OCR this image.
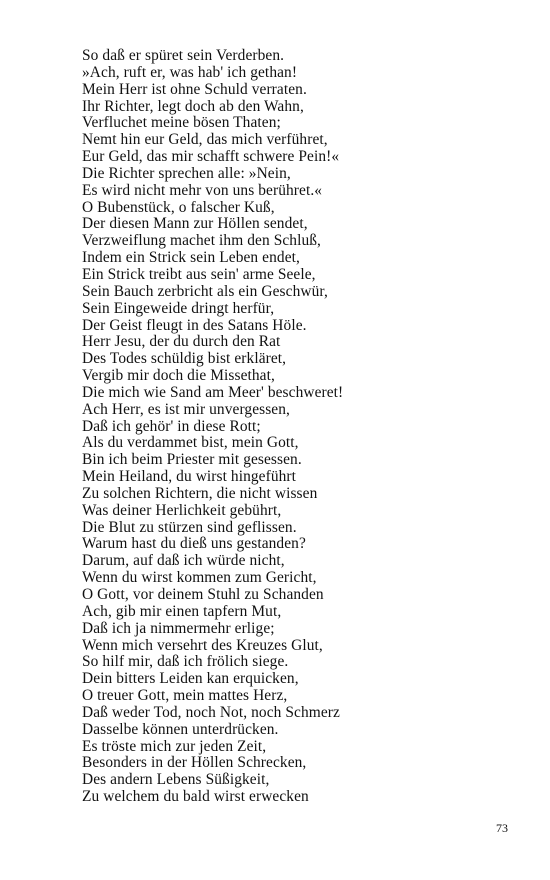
So daß er spüret sein Verderben.
»Ach, ruft er, was hab' ich gethan!
Mein Herr ist ohne Schuld verraten.
Ihr Richter, legt doch ab den Wahn,
Verfluchet meine bösen Thaten;
Nemt hin eur Geld, das mich verführet,
Eur Geld, das mir schafft schwere Pein!«
Die Richter sprechen alle: »Nein,
Es wird nicht mehr von uns berühret.«
O Bubenstück, o falscher Kuß,
Der diesen Mann zur Höllen sendet,
Verzweiflung machet ihm den Schluß,
Indem ein Strick sein Leben endet,
Ein Strick treibt aus sein' arme Seele,
Sein Bauch zerbricht als ein Geschwür,
Sein Eingeweide dringt herfür,
Der Geist fleugt in des Satans Höle.
Herr Jesu, der du durch den Rat
Des Todes schüldig bist erkläret,
Vergib mir doch die Missethat,
Die mich wie Sand am Meer' beschweret!
Ach Herr, es ist mir unvergessen,
Daß ich gehör' in diese Rott;
Als du verdammet bist, mein Gott,
Bin ich beim Priester mit gesessen.
Mein Heiland, du wirst hingeführt
Zu solchen Richtern, die nicht wissen
Was deiner Herlichkeit gebührt,
Die Blut zu stürzen sind geflissen.
Warum hast du dieß uns gestanden?
Darum, auf daß ich würde nicht,
Wenn du wirst kommen zum Gericht,
O Gott, vor deinem Stuhl zu Schanden
Ach, gib mir einen tapfern Mut,
Daß ich ja nimmermehr erlige;
Wenn mich versehrt des Kreuzes Glut,
So hilf mir, daß ich frölich siege.
Dein bitters Leiden kan erquicken,
O treuer Gott, mein mattes Herz,
Daß weder Tod, noch Not, noch Schmerz
Dasselbe können unterdrücken.
Es tröste mich zur jeden Zeit,
Besonders in der Höllen Schrecken,
Des andern Lebens Süßigkeit,
Zu welchem du bald wirst erwecken
73
